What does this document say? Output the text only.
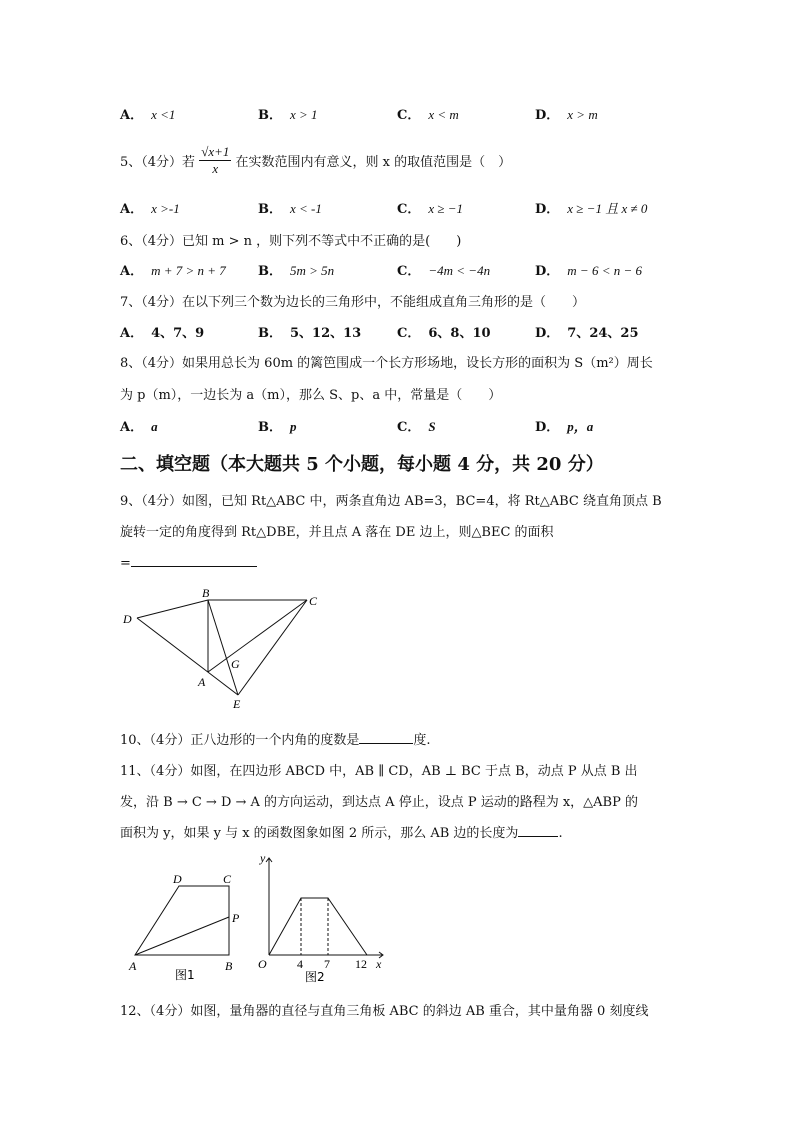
A． x <1	B． x > 1	C． x < m	D． x > m
5、（4分）若 $\frac{√x+1}{x}$ 在实数范围内有意义，则 x 的取值范围是（　）
A． x >-1	B． x < -1	C． x ≥ −1	D． x ≥ −1 且 x ≠ 0
6、（4分）已知 m > n ，则下列不等式中不正确的是(　　)
A． m + 7 > n + 7 B． 5m > 5n	C． −4m < −4n	D． m − 6 < n − 6
7、（4分）在以下列三个数为边长的三角形中，不能组成直角三角形的是（　　）
A． 4、7、9	B． 5、12、13	C． 6、8、10	D． 7、24、25
8、（4分）如果用总长为 60m 的篱笆围成一个长方形场地，设长方形的面积为 S（m²）周长
为 p（m），一边长为 a（m），那么 S、p、a 中，常量是（　　）
A． a	B． p	C． S	D． p，a
二、填空题（本大题共 5 个小题，每小题 4 分，共 20 分）
9、（4分）如图，已知 Rt△ABC 中，两条直角边 AB=3，BC=4，将 Rt△ABC 绕直角顶点 B
旋转一定的角度得到 Rt△DBE，并且点 A 落在 DE 边上，则△BEC 的面积
=
B
C
D
G
A
E
10、（4分）正八边形的一个内角的度数是	度.
11、（4分）如图，在四边形 ABCD 中，AB ∥ CD，AB ⊥ BC 于点 B，动点 P 从点 B 出
发，沿 B → C → D → A 的方向运动，到达点 A 停止，设点 P 运动的路程为 x，△ABP 的
面积为 y，如果 y 与 x 的函数图象如图 2 所示，那么 AB 边的长度为	.
D	C
P
A	B
图1
y
O	4 7 12 x
图2
12、（4分）如图，量角器的直径与直角三角板 ABC 的斜边 AB 重合，其中量角器 0 刻度线
